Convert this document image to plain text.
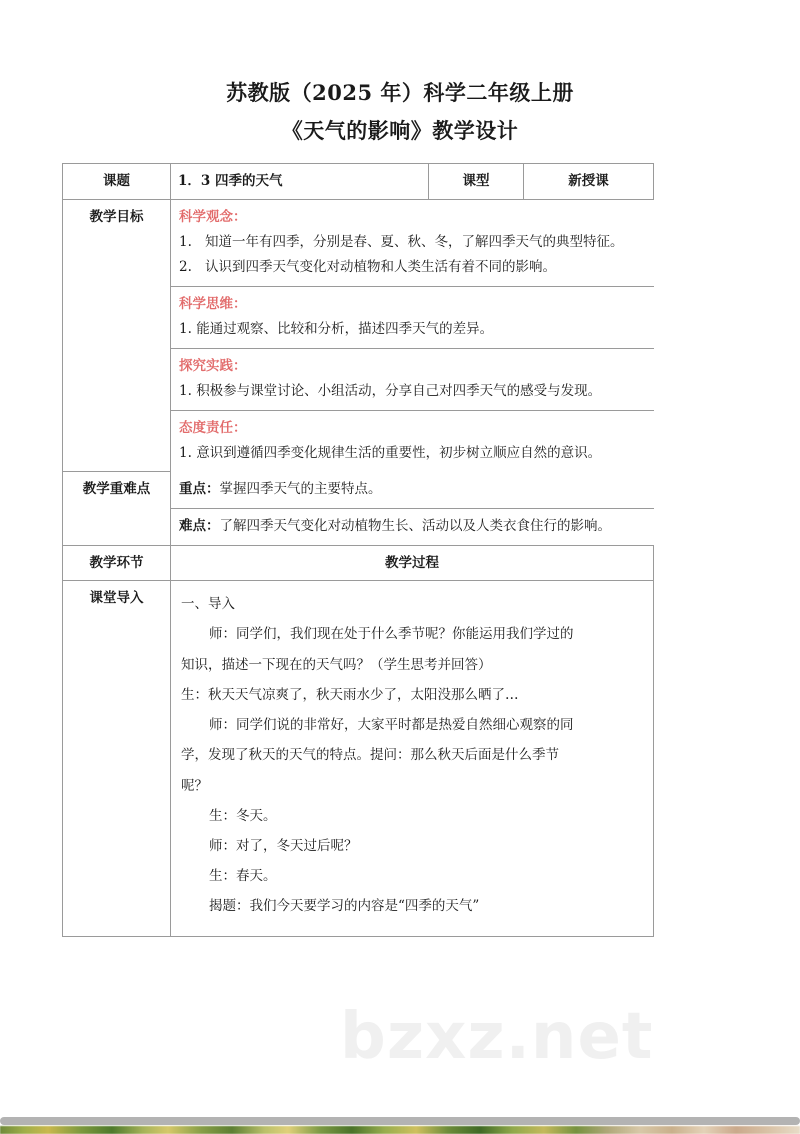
bzxz.net
苏教版（2025 年）科学二年级上册
《天气的影响》教学设计
课题	1．3 四季的天气	课型	新授课
教学目标		科学观念：

1. 知道一年有四季，分别是春、夏、秋、冬，了解四季天气的典型特征。
2. 认识到四季天气变化对动植物和人类生活有着不同的影响。

科学思维：

1. 能通过观察、比较和分析，描述四季天气的差异。

探究实践：

1. 积极参与课堂讨论、小组活动，分享自己对四季天气的感受与发现。

态度责任：

1. 意识到遵循四季变化规律生活的重要性，初步树立顺应自然的意识。

教学重难点	重点：掌握四季天气的主要特点。

难点：了解四季天气变化对动植物生长、活动以及人类衣食住行的影响。

教学环节	教学过程
课堂导入	一、导入

师：同学们，我们现在处于什么季节呢？你能运用我们学过的

知识，描述一下现在的天气吗？（学生思考并回答）

生：秋天天气凉爽了，秋天雨水少了，太阳没那么晒了…

师：同学们说的非常好，大家平时都是热爱自然细心观察的同

学，发现了秋天的天气的特点。提问：那么秋天后面是什么季节

呢？

生：冬天。

师：对了，冬天过后呢？

生：春天。

揭题：我们今天要学习的内容是“四季的天气”
